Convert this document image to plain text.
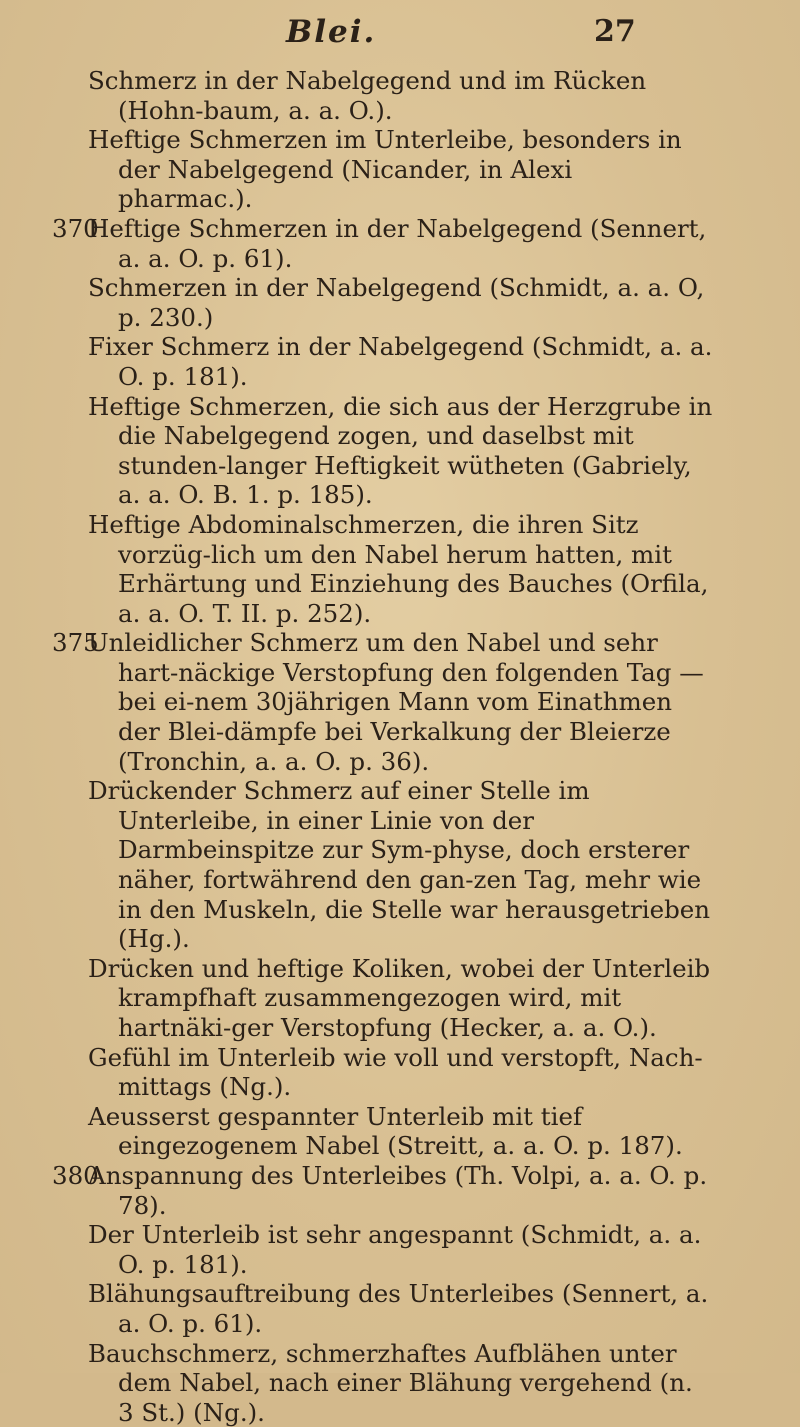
Blei.	27

Schmerz in der Nabelgegend und im Rücken (Hohn-baum, a. a. O.).

Heftige Schmerzen im Unterleibe, besonders in der Nabelgegend (Nicander, in Alexi pharmac.).

370
Heftige Schmerzen in der Nabelgegend (Sennert, a. a. O. p. 61).

Schmerzen in der Nabelgegend (Schmidt, a. a. O, p. 230.)

Fixer Schmerz in der Nabelgegend (Schmidt, a. a. O. p. 181).

Heftige Schmerzen, die sich aus der Herzgrube in die Nabelgegend zogen, und daselbst mit stunden-langer Heftigkeit wütheten (Gabriely, a. a. O. B. 1. p. 185).

Heftige Abdominalschmerzen, die ihren Sitz vorzüg-lich um den Nabel herum hatten, mit Erhärtung und Einziehung des Bauches (Orfila, a. a. O. T. II. p. 252).

375
Unleidlicher Schmerz um den Nabel und sehr hart-näckige Verstopfung den folgenden Tag — bei ei-nem 30jährigen Mann vom Einathmen der Blei-dämpfe bei Verkalkung der Bleierze (Tronchin, a. a. O. p. 36).

Drückender Schmerz auf einer Stelle im Unterleibe, in einer Linie von der Darmbeinspitze zur Sym-physe, doch ersterer näher, fortwährend den gan-zen Tag, mehr wie in den Muskeln, die Stelle war herausgetrieben (Hg.).

Drücken und heftige Koliken, wobei der Unterleib krampfhaft zusammengezogen wird, mit hartnäki-ger Verstopfung (Hecker, a. a. O.).

Gefühl im Unterleib wie voll und verstopft, Nach-mittags (Ng.).

Aeusserst gespannter Unterleib mit tief eingezogenem Nabel (Streitt, a. a. O. p. 187).

380
Anspannung des Unterleibes (Th. Volpi, a. a. O. p. 78).

Der Unterleib ist sehr angespannt (Schmidt, a. a. O. p. 181).

Blähungsauftreibung des Unterleibes (Sennert, a. a. O. p. 61).

Bauchschmerz, schmerzhaftes Aufblähen unter dem Nabel, nach einer Blähung vergehend (n. 3 St.) (Ng.).
